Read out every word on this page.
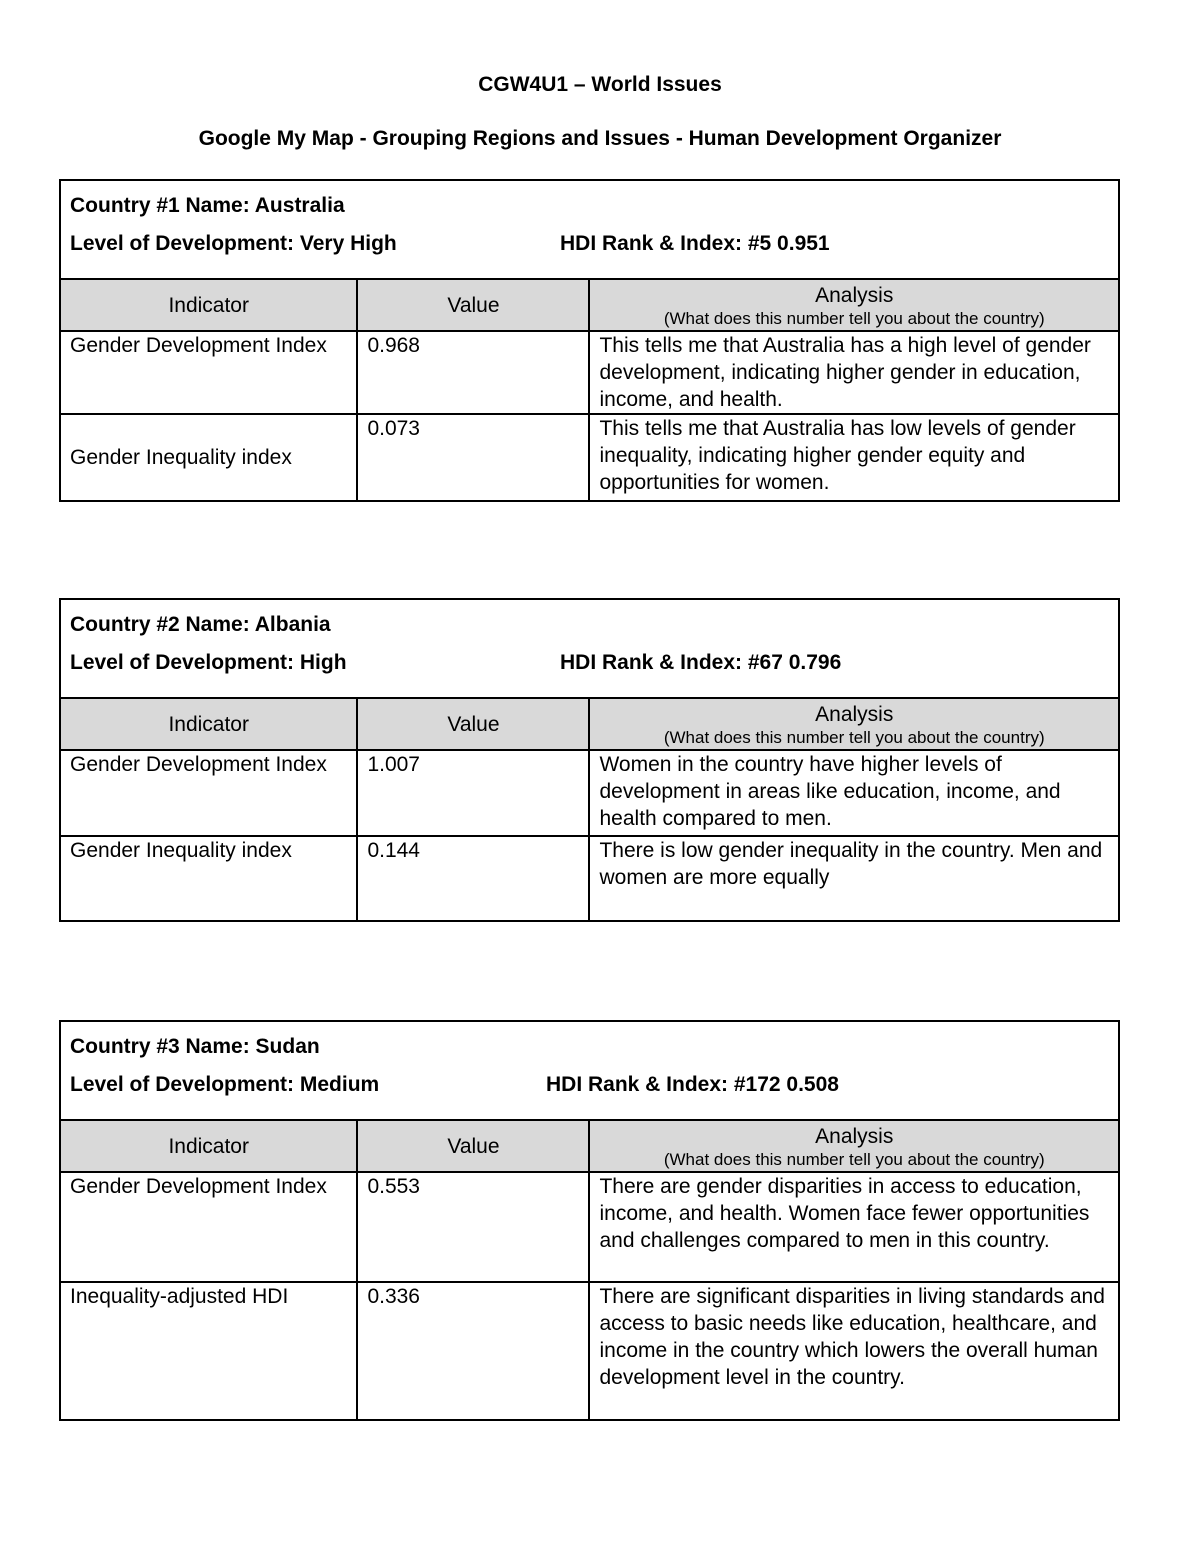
CGW4U1 – World Issues
Google My Map - Grouping Regions and Issues - Human Development Organizer
Country #1 Name: Australia
Level of Development: Very High HDI Rank & Index: #5 0.951		

Indicator	Value	Analysis
(What does this number tell you about the country)

Gender Development Index	0.968	This tells me that Australia has a high level of gender development, indicating higher gender in education, income, and health.
Gender Inequality index	0.073	This tells me that Australia has low levels of gender inequality, indicating higher gender equity and opportunities for women.
Country #2 Name: Albania
Level of Development: High HDI Rank & Index: #67 0.796		

Indicator	Value	Analysis
(What does this number tell you about the country)

Gender Development Index	1.007	Women in the country have higher levels of development in areas like education, income, and health compared to men.
Gender Inequality index	0.144	There is low gender inequality in the country. Men and women are more equally
Country #3 Name: Sudan
Level of Development: Medium HDI Rank & Index: #172 0.508		

Indicator	Value	Analysis
(What does this number tell you about the country)

Gender Development Index	0.553	There are gender disparities in access to education, income, and health. Women face fewer opportunities and challenges compared to men in this country.
Inequality-adjusted HDI	0.336	There are significant disparities in living standards and access to basic needs like education, healthcare, and income in the country which lowers the overall human development level in the country.
